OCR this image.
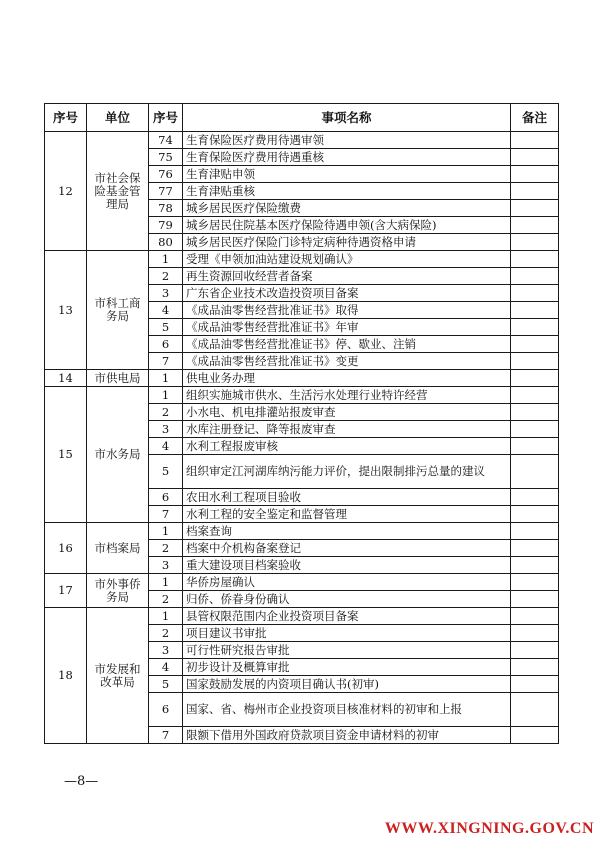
序号	单位	序号	事项名称	备注
12	市社会保险基金管理局	74	生育保险医疗费用待遇审领	
		75	生育保险医疗费用待遇重核	
		76	生育津贴申领	
		77	生育津贴重核	
		78	城乡居民医疗保险缴费	
		79	城乡居民住院基本医疗保险待遇申领(含大病保险)	
		80	城乡居民医疗保险门诊特定病种待遇资格申请	
13	市科工商务局	1	受理《申领加油站建设规划确认》	
		2	再生资源回收经营者备案	
		3	广东省企业技术改造投资项目备案	
		4	《成品油零售经营批准证书》取得	
		5	《成品油零售经营批准证书》年审	
		6	《成品油零售经营批准证书》停、歇业、注销	
		7	《成品油零售经营批准证书》变更	
14	市供电局	1	供电业务办理	
15	市水务局	1	组织实施城市供水、生活污水处理行业特许经营	
		2	小水电、机电排灌站报废审查	
		3	水库注册登记、降等报废审查	
		4	水利工程报废审核	
		5	组织审定江河湖库纳污能力评价，提出限制排污总量的建议	
		6	农田水利工程项目验收	
		7	水利工程的安全鉴定和监督管理	
16	市档案局	1	档案查询	
		2	档案中介机构备案登记	
		3	重大建设项目档案验收	
17	市外事侨务局	1	华侨房屋确认	
		2	归侨、侨眷身份确认	
18	市发展和改革局	1	县管权限范围内企业投资项目备案	
		2	项目建议书审批	
		3	可行性研究报告审批	
		4	初步设计及概算审批	
		5	国家鼓励发展的内资项目确认书(初审)	
		6	国家、省、梅州市企业投资项目核准材料的初审和上报	
		7	限额下借用外国政府贷款项目资金申请材料的初审	
—8—
WWW.XINGNING.GOV.CN
